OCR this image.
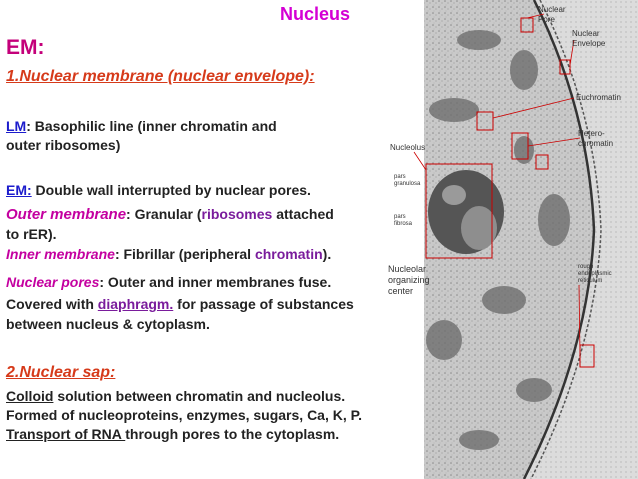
Nucleus
EM:
1.Nuclear membrane (nuclear envelope):
LM: Basophilic line (inner chromatin and
outer ribosomes)
EM: Double wall interrupted by nuclear pores.
Outer membrane: Granular (ribosomes attached
to rER).
Inner membrane: Fibrillar (peripheral chromatin).
Nuclear pores: Outer and inner membranes fuse.
Covered with diaphragm. for passage of substances
between nucleus & cytoplasm.
2.Nuclear sap:
Colloid solution between chromatin and nucleolus.
Formed of nucleoproteins, enzymes, sugars, Ca, K, P.
Transport of RNA through pores to the cytoplasm.
Nuclear
Pore
Nuclear
Envelope
Euchromatin
Hetero-
chromatin
Nucleolus
pars
granulosa
pars
fibrosa
Nucleolar
organizing
center
rough
endoplasmic
reticulum
